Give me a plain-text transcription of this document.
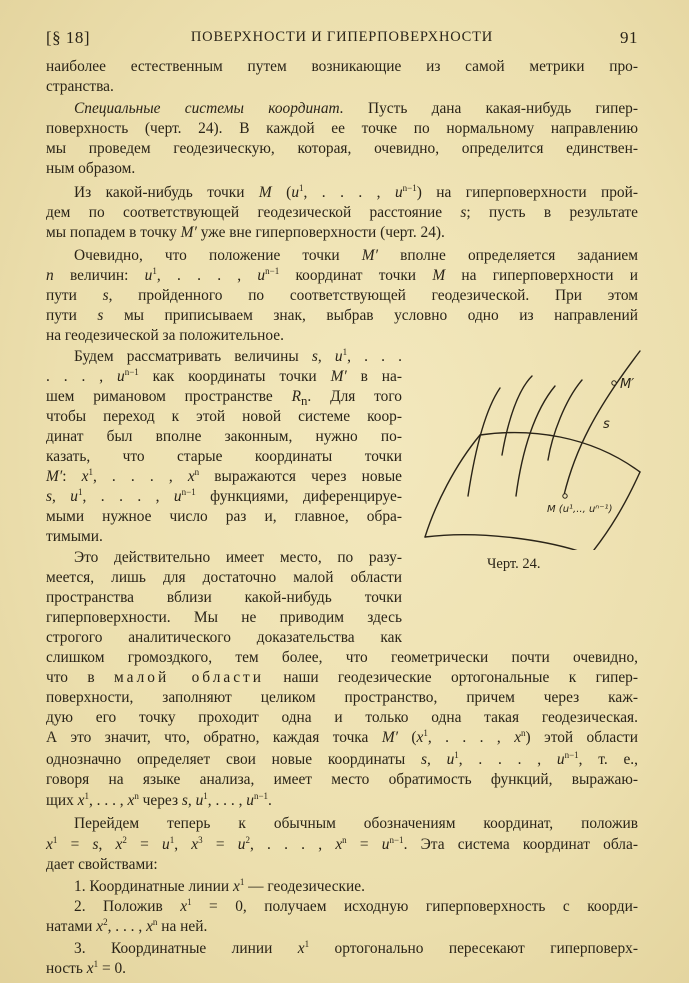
[§ 18]	ПОВЕРХНОСТИ И ГИПЕРПОВЕРХНОСТИ	91
наиболее естественным путем возникающие из самой метрики про-
странства.
Специальные системы координат. Пусть дана какая-нибудь гипер-
поверхность (черт. 24). В каждой ее точке по нормальному направлению
мы проведем геодезическую, которая, очевидно, определится единствен-
ным образом.
Из какой-нибудь точки M ($u^1$, . . . , $u^{n-1}$) на гиперповерхности прой-
дем по соответствующей геодезической расстояние s; пусть в результате
мы попадем в точку M′ уже вне гиперповерхности (черт. 24).
Очевидно, что положение точки M′ вполне определяется заданием
n величин: $u^1$, . . . , $u^{n-1}$ координат точки M на гиперповерхности и
пути s, пройденного по соответствующей геодезической. При этом
пути s мы приписываем знак, выбрав условно одно из направлений
на геодезической за положительное.
Будем рассматривать величины s, $u^1$, . . .
. . . , $u^{n-1}$ как координаты точки M′ в на-
шем римановом пространстве $R_n$. Для того
чтобы переход к этой новой системе коор-
динат был вполне законным, нужно по-
казать, что старые координаты точки
M′: $x^1$, . . . , $x^n$ выражаются через новые
s, $u^1$, . . . , $u^{n-1}$ функциями, диференцируе-
мыми нужное число раз и, главное, обра-
тимыми.
Это действительно имеет место, по разу-
меется, лишь для достаточно малой области
пространства вблизи какой-нибудь точки
гиперповерхности. Мы не приводим здесь
строгого аналитического доказательства как
слишком громоздкого, тем более, что геометрически почти очевидно,
что в малой области наши геодезические ортогональные к гипер-
поверхности, заполняют целиком пространство, причем через каж-
дую его точку проходит одна и только одна такая геодезическая.
А это значит, что, обратно, каждая точка M′ ($x^1$, . . . , $x^n$) этой области
однозначно определяет свои новые координаты s, $u^1$, . . . , $u^{n-1}$, т. е.,
говоря на языке анализа, имеет место обратимость функций, выражаю-
щих $x^1$, . . . , $x^n$ через s, $u^1$, . . . , $u^{n-1}$.
Перейдем теперь к обычным обозначениям координат, положив
$x^1 = s$, $x^2 = u^1$, $x^3 = u^2$, . . . , $x^n = u^{n-1}$. Эта система координат обла-
дает свойствами:
1. Координатные линии $x^1$ — геодезические.
2. Положив $x^1 = 0$, получаем исходную гиперповерхность с коорди-
натами $x^2$, . . . , $x^n$ на ней.
3. Координатные линии $x^1$ ортогонально пересекают гиперповерх-
ность $x^1 = 0$.
M′
s
M (u¹,.., uⁿ⁻¹)
Черт. 24.
